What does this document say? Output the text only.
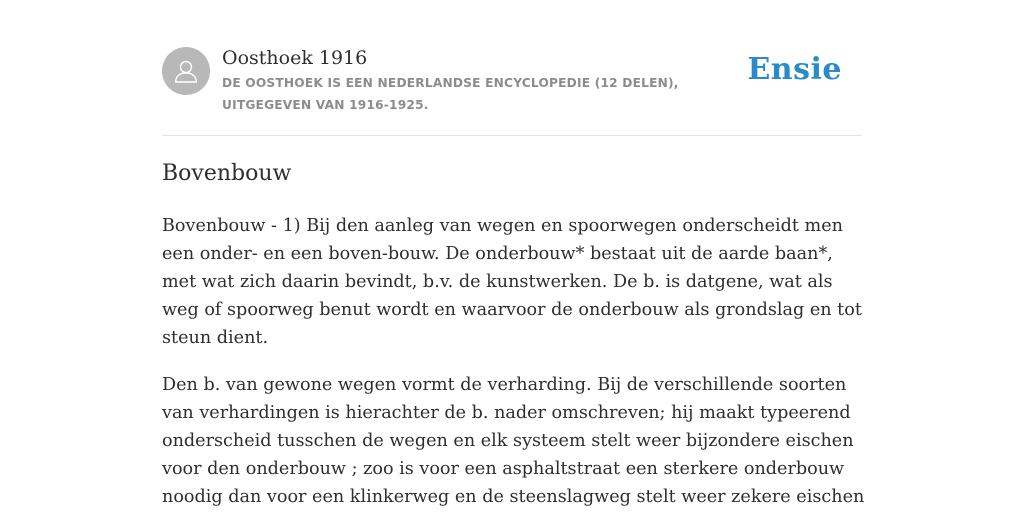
Oosthoek 1916
DE OOSTHOEK IS EEN NEDERLANDSE ENCYCLOPEDIE (12 DELEN), UITGEGEVEN VAN 1916-1925.
Ensie
Bovenbouw

Bovenbouw - 1) Bij den aanleg van wegen en spoorwegen onderscheidt men een onder- en een boven-bouw. De onderbouw* bestaat uit de aarde baan*, met wat zich daarin bevindt, b.v. de kunstwerken. De b. is datgene, wat als weg of spoorweg benut wordt en waarvoor de onderbouw als grondslag en tot steun dient.

Den b. van gewone wegen vormt de verharding. Bij de verschillende soorten van verhardingen is hierachter de b. nader omschreven; hij maakt typeerend onderscheid tusschen de wegen en elk systeem stelt weer bijzondere eischen voor den onderbouw ; zoo is voor een asphaltstraat een sterkere onderbouw noodig dan voor een klinkerweg en de steenslagweg stelt weer zekere eischen
